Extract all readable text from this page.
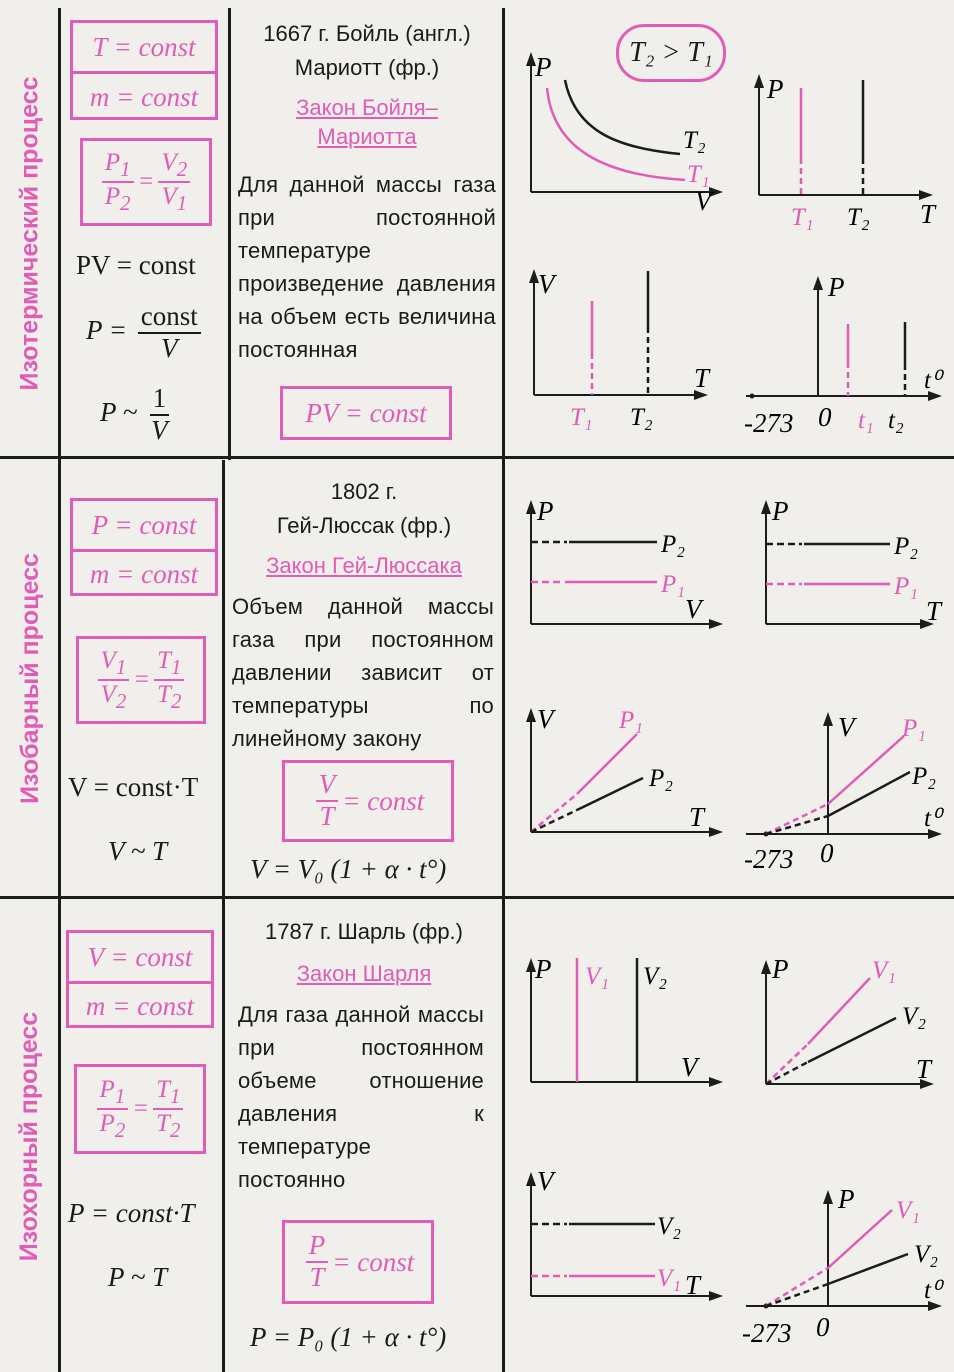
Изотермический процесс
T = const
m = const
$\frac{P_1}{P_2} = \frac{V_2}{V_1}$
PV = const
$P = \frac{\text{const}}{V}$
P ~ $\frac{1}{V}$
1667 г. Бойль (англ.)
Мариотт (фр.)
Закон Бойля–Мариотта
Для данной массы газа при постоянной температуре произведение давления на объем есть величина постоянная
PV = const
T₂ > T₁
P
V
T₂
T₁
P
T
T₁ T₂
V
T
T₁ T₂
P
t⁰
-273 0 t₁ t₂
Изобарный процесс
P = const
m = const
$\frac{V_1}{V_2} = \frac{T_1}{T_2}$
V = const·T
V ~ T
1802 г.
Гей-Люссак (фр.)
Закон Гей-Люссака
Объем данной массы газа при постоянном давлении зависит от температуры по линейному закону
$\frac{V}{T}$ = const
V = V₀ (1 + α · t°)
P
V
P₂
P₁
P
T
P₂
P₁
V
T
P₁
P₂
V
t⁰
-273 0
P₁
P₂
Изохорный процесс
V = const
m = const
$\frac{P_1}{P_2} = \frac{T_1}{T_2}$
P = const·T
P ~ T
1787 г. Шарль (фр.)
Закон Шарля
Для газа данной массы при постоянном объеме отношение давления к температуре постоянно
$\frac{P}{T}$ = const
P = P₀ (1 + α · t°)
P
V
V₁ V₂	P
T
V₁
V₂
V
T
V₂
V₁
P
t⁰
-273 0
V₁
V₂
